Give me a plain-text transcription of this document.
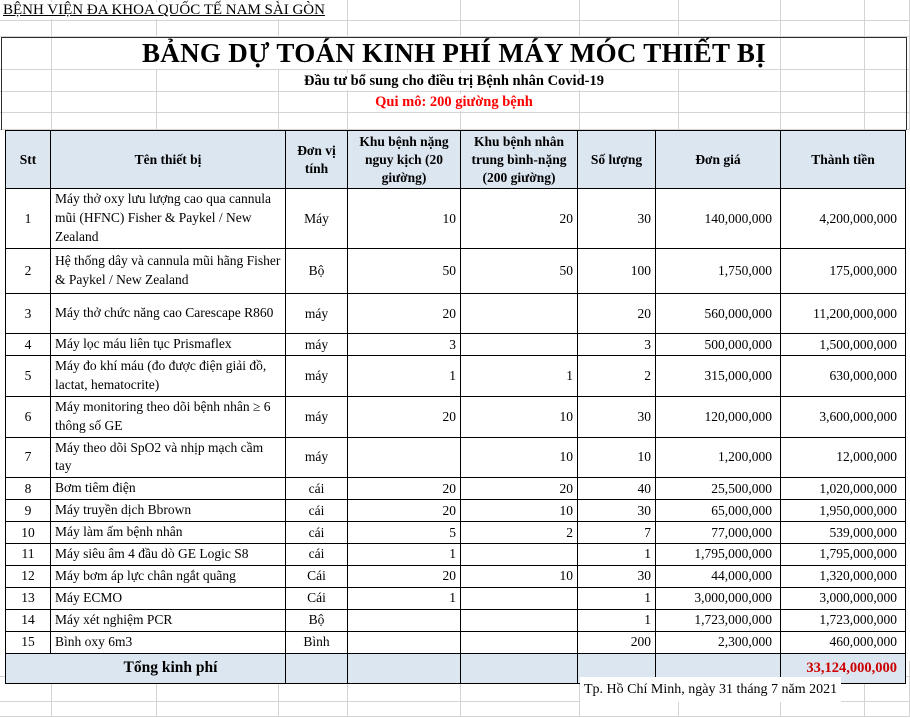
BỆNH VIỆN ĐA KHOA QUỐC TẾ NAM SÀI GÒN
BẢNG DỰ TOÁN KINH PHÍ MÁY MÓC THIẾT BỊ
Đầu tư bổ sung cho điều trị Bệnh nhân Covid-19
Qui mô: 200 giường bệnh
Stt	Tên thiết bị	Đơn vị tính	Khu bệnh nặng nguy kịch (20 giường)	Khu bệnh nhân trung bình-nặng (200 giường)	Số lượng	Đơn giá	Thành tiền
1	Máy thở oxy lưu lượng cao qua cannula mũi (HFNC) Fisher & Paykel / New Zealand	Máy	10	20	30	140,000,000	4,200,000,000
2	Hệ thống dây và cannula mũi hãng Fisher & Paykel / New Zealand	Bộ	50	50	100	1,750,000	175,000,000
3	Máy thở chức năng cao Carescape R860	máy	20		20	560,000,000	11,200,000,000
4	Máy lọc máu liên tục Prismaflex	máy	3		3	500,000,000	1,500,000,000
5	Máy đo khí máu (đo được điện giải đồ, lactat, hematocrite)	máy	1	1	2	315,000,000	630,000,000
6	Máy monitoring theo dõi bệnh nhân ≥ 6 thông số GE	máy	20	10	30	120,000,000	3,600,000,000
7	Máy theo dõi SpO2 và nhịp mạch cầm tay	máy		10	10	1,200,000	12,000,000
8	Bơm tiêm điện	cái	20	20	40	25,500,000	1,020,000,000
9	Máy truyền dịch Bbrown	cái	20	10	30	65,000,000	1,950,000,000
10	Máy làm ấm bệnh nhân	cái	5	2	7	77,000,000	539,000,000
11	Máy siêu âm 4 đầu dò GE Logic S8	cái	1		1	1,795,000,000	1,795,000,000
12	Máy bơm áp lực chân ngắt quãng	Cái	20	10	30	44,000,000	1,320,000,000
13	Máy ECMO	Cái	1		1	3,000,000,000	3,000,000,000
14	Máy xét nghiệm PCR	Bộ			1	1,723,000,000	1,723,000,000
15	Bình oxy 6m3	Bình			200	2,300,000	460,000,000
Tổng kinh phí							33,124,000,000
Tp. Hồ Chí Minh, ngày 31 tháng 7 năm 2021
